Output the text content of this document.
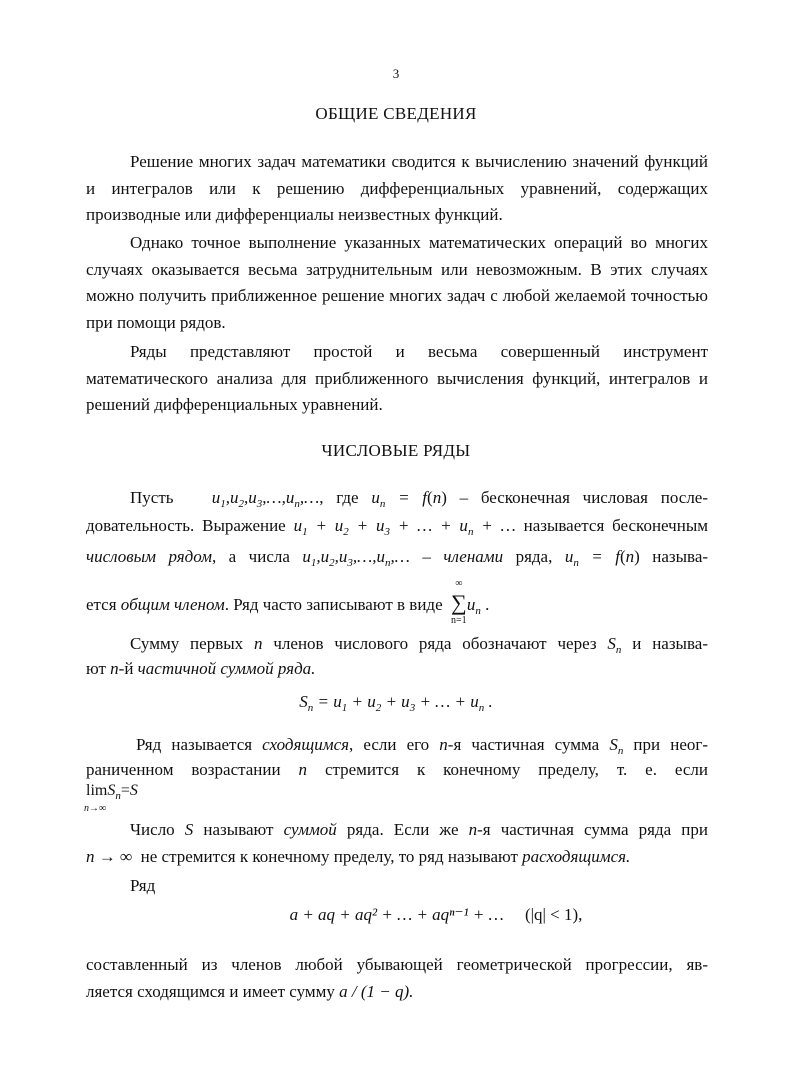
3
ОБЩИЕ СВЕДЕНИЯ

Решение многих задач математики сводится к вычислению значений функций и интегралов или к решению дифференциальных уравнений, содержащих производные или дифференциалы неизвестных функций.

Однако точное выполнение указанных математических операций во многих случаях оказывается весьма затруднительным или невозможным. В этих случаях можно получить приближенное решение многих задач с любой желаемой точностью при помощи рядов.

Ряды представляют простой и весьма совершенный инструмент математического анализа для приближенного вычисления функций, интегралов и решений дифференциальных уравнений.

ЧИСЛОВЫЕ РЯДЫ
Пусть $u_1,u_2,u_3,\dots,u_n,\dots$, где $u_n = f(n)$ – бесконечная числовая после-
довательность. Выражение $u_1 + u_2 + u_3$ + … + $u_n$ + … называется бесконечным
числовым рядом, а числа $u_1,u_2,u_3,\dots,u_n,\dots$ – членами ряда, $u_n = f(n)$ называ-
ется общим членом. Ряд часто записывают в виде ∑
∞
n=1
$u_n$ .
Сумму первых n членов числового ряда обозначают через $S_n$ и называ-
ют n-й частичной суммой ряда.
$S_n = u_1 + u_2 + u_3$ + … + $u_n$ .
Ряд называется сходящимся, если его n-я частичная сумма $S_n$ при неог-
раниченном возрастании n стремится к конечному пределу, т. е. если
lim
n→∞
$S_n=S$
Число S называют суммой ряда. Если же n-я частичная сумма ряда при
n → ∞ не стремится к конечному пределу, то ряд называют расходящимся.
Ряд
a + aq + aq² + … + aqⁿ⁻¹ + … (|q| < 1),
составленный из членов любой убывающей геометрической прогрессии, яв-
ляется сходящимся и имеет сумму a / (1 − q).
